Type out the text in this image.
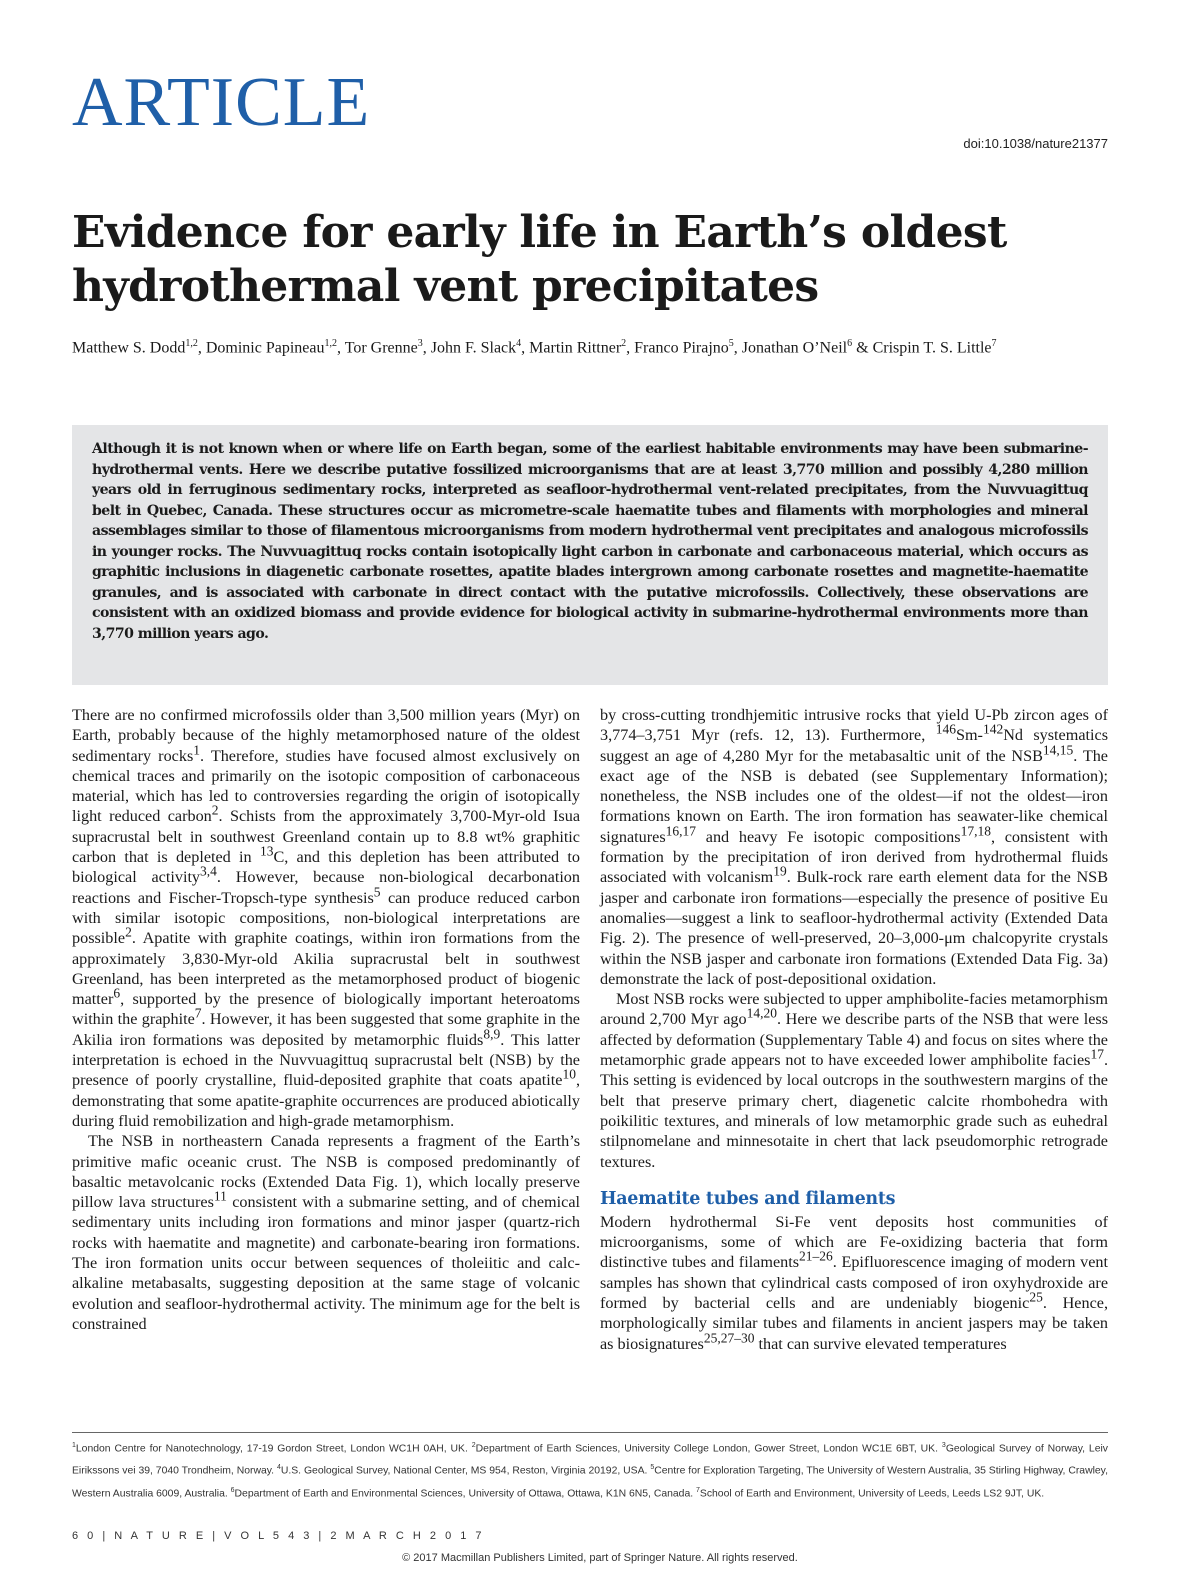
ARTICLE
doi:10.1038/nature21377
Evidence for early life in Earth’s oldest hydrothermal vent precipitates

Matthew S. Dodd$^{1,2}$, Dominic Papineau$^{1,2}$, Tor Grenne$^3$, John F. Slack$^4$, Martin Rittner$^2$, Franco Pirajno$^5$, Jonathan O’Neil$^6$ & Crispin T. S. Little$^7$

Although it is not known when or where life on Earth began, some of the earliest habitable environments may have been submarine-hydrothermal vents. Here we describe putative fossilized microorganisms that are at least 3,770 million and possibly 4,280 million years old in ferruginous sedimentary rocks, interpreted as seafloor-hydrothermal vent-related precipitates, from the Nuvvuagittuq belt in Quebec, Canada. These structures occur as micrometre-scale haematite tubes and filaments with morphologies and mineral assemblages similar to those of filamentous microorganisms from modern hydrothermal vent precipitates and analogous microfossils in younger rocks. The Nuvvuagittuq rocks contain isotopically light carbon in carbonate and carbonaceous material, which occurs as graphitic inclusions in diagenetic carbonate rosettes, apatite blades intergrown among carbonate rosettes and magnetite-haematite granules, and is associated with carbonate in direct contact with the putative microfossils. Collectively, these observations are consistent with an oxidized biomass and provide evidence for biological activity in submarine-hydrothermal environments more than 3,770 million years ago.

There are no confirmed microfossils older than 3,500 million years (Myr) on Earth, probably because of the highly metamorphosed nature of the oldest sedimentary rocks$^1$. Therefore, studies have focused almost exclusively on chemical traces and primarily on the isotopic composition of carbonaceous material, which has led to controversies regarding the origin of isotopically light reduced carbon$^2$. Schists from the approximately 3,700-Myr-old Isua supracrustal belt in southwest Greenland contain up to 8.8 wt% graphitic carbon that is depleted in $^{13}$C, and this depletion has been attributed to biological activity$^{3,4}$. However, because non-biological decarbonation reactions and Fischer-Tropsch-type synthesis$^5$ can produce reduced carbon with similar isotopic compositions, non-biological interpretations are possible$^2$. Apatite with graphite coatings, within iron formations from the approximately 3,830-Myr-old Akilia supracrustal belt in southwest Greenland, has been interpreted as the metamorphosed product of biogenic matter$^6$, supported by the presence of biologically important heteroatoms within the graphite$^7$. However, it has been suggested that some graphite in the Akilia iron formations was deposited by metamorphic fluids$^{8,9}$. This latter interpretation is echoed in the Nuvvuagittuq supracrustal belt (NSB) by the presence of poorly crystalline, fluid-deposited graphite that coats apatite$^{10}$, demonstrating that some apatite-graphite occurrences are produced abiotically during fluid remobilization and high-grade metamorphism.

The NSB in northeastern Canada represents a fragment of the Earth’s primitive mafic oceanic crust. The NSB is composed predominantly of basaltic metavolcanic rocks (Extended Data Fig. 1), which locally preserve pillow lava structures$^{11}$ consistent with a submarine setting, and of chemical sedimentary units including iron formations and minor jasper (quartz-rich rocks with haematite and magnetite) and carbonate-bearing iron formations. The iron formation units occur between sequences of tholeiitic and calc-alkaline metabasalts, suggesting deposition at the same stage of volcanic evolution and seafloor-hydrothermal activity. The minimum age for the belt is constrained

by cross-cutting trondhjemitic intrusive rocks that yield U-Pb zircon ages of 3,774–3,751 Myr (refs. 12, 13). Furthermore, $^{146}$Sm-$^{142}$Nd systematics suggest an age of 4,280 Myr for the metabasaltic unit of the NSB$^{14,15}$. The exact age of the NSB is debated (see Supplementary Information); nonetheless, the NSB includes one of the oldest—if not the oldest—iron formations known on Earth. The iron formation has seawater-like chemical signatures$^{16,17}$ and heavy Fe isotopic compositions$^{17,18}$, consistent with formation by the precipitation of iron derived from hydrothermal fluids associated with volcanism$^{19}$. Bulk-rock rare earth element data for the NSB jasper and carbonate iron formations—especially the presence of positive Eu anomalies—suggest a link to seafloor-hydrothermal activity (Extended Data Fig. 2). The presence of well-preserved, 20–3,000-μm chalcopyrite crystals within the NSB jasper and carbonate iron formations (Extended Data Fig. 3a) demonstrate the lack of post-depositional oxidation.

Most NSB rocks were subjected to upper amphibolite-facies metamorphism around 2,700 Myr ago$^{14,20}$. Here we describe parts of the NSB that were less affected by deformation (Supplementary Table 4) and focus on sites where the metamorphic grade appears not to have exceeded lower amphibolite facies$^{17}$. This setting is evidenced by local outcrops in the southwestern margins of the belt that preserve primary chert, diagenetic calcite rhombohedra with poikilitic textures, and minerals of low metamorphic grade such as euhedral stilpnomelane and minnesotaite in chert that lack pseudomorphic retrograde textures.

Haematite tubes and filaments

Modern hydrothermal Si-Fe vent deposits host communities of microorganisms, some of which are Fe-oxidizing bacteria that form distinctive tubes and filaments$^{21-26}$. Epifluorescence imaging of modern vent samples has shown that cylindrical casts composed of iron oxyhydroxide are formed by bacterial cells and are undeniably biogenic$^{25}$. Hence, morphologically similar tubes and filaments in ancient jaspers may be taken as biosignatures$^{25,27-30}$ that can survive elevated temperatures

$^1$London Centre for Nanotechnology, 17-19 Gordon Street, London WC1H 0AH, UK. $^2$Department of Earth Sciences, University College London, Gower Street, London WC1E 6BT, UK. $^3$Geological Survey of Norway, Leiv Eirikssons vei 39, 7040 Trondheim, Norway. $^4$U.S. Geological Survey, National Center, MS 954, Reston, Virginia 20192, USA. $^5$Centre for Exploration Targeting, The University of Western Australia, 35 Stirling Highway, Crawley, Western Australia 6009, Australia. $^6$Department of Earth and Environmental Sciences, University of Ottawa, Ottawa, K1N 6N5, Canada. $^7$School of Earth and Environment, University of Leeds, Leeds LS2 9JT, UK.

6 0 | N A T U R E | V O L 5 4 3 | 2 M A R C H 2 0 1 7
© 2017 Macmillan Publishers Limited, part of Springer Nature. All rights reserved.
